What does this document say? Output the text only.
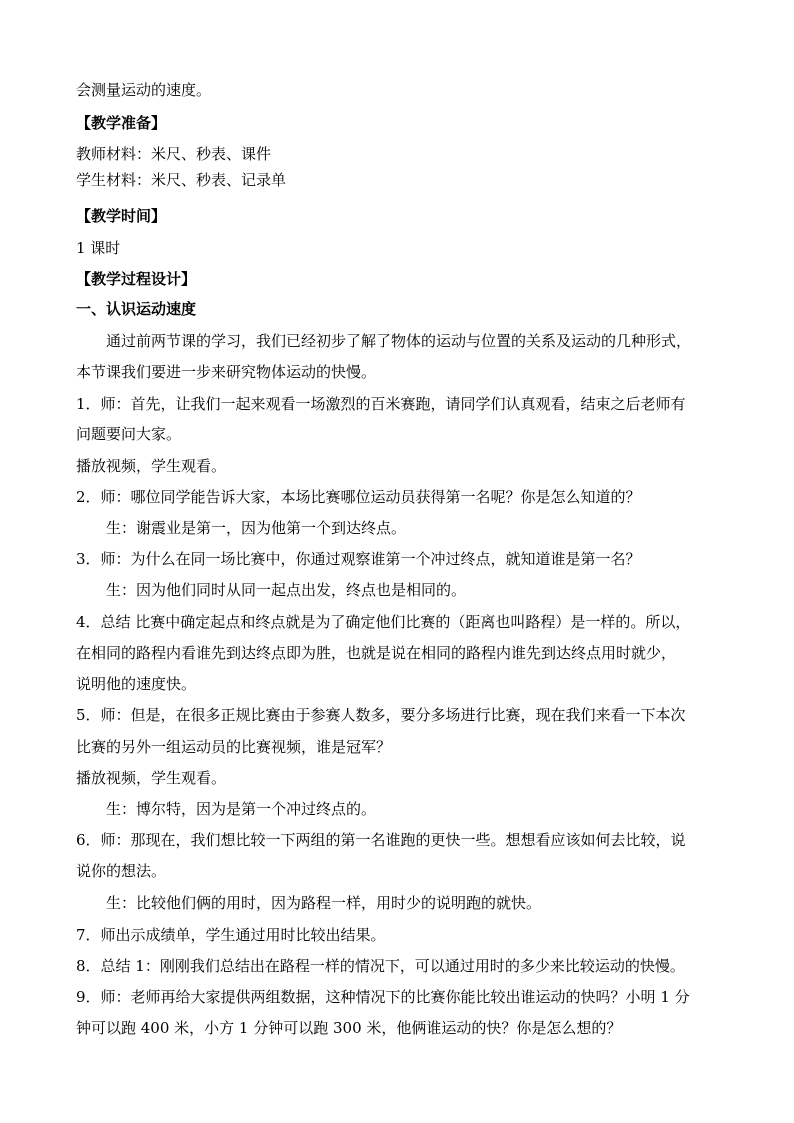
会测量运动的速度。
【教学准备】
教师材料：米尺、秒表、课件
学生材料：米尺、秒表、记录单
【教学时间】
1 课时
【教学过程设计】
一、认识运动速度
通过前两节课的学习，我们已经初步了解了物体的运动与位置的关系及运动的几种形式，
本节课我们要进一步来研究物体运动的快慢。
1．师：首先，让我们一起来观看一场激烈的百米赛跑，请同学们认真观看，结束之后老师有
问题要问大家。
播放视频，学生观看。
2．师：哪位同学能告诉大家，本场比赛哪位运动员获得第一名呢？你是怎么知道的？
生：谢震业是第一，因为他第一个到达终点。
3．师：为什么在同一场比赛中，你通过观察谁第一个冲过终点，就知道谁是第一名？
生：因为他们同时从同一起点出发，终点也是相同的。
4．总结 比赛中确定起点和终点就是为了确定他们比赛的（距离也叫路程）是一样的。所以，
在相同的路程内看谁先到达终点即为胜，也就是说在相同的路程内谁先到达终点用时就少，
说明他的速度快。
5．师：但是，在很多正规比赛由于参赛人数多，要分多场进行比赛，现在我们来看一下本次
比赛的另外一组运动员的比赛视频，谁是冠军？
播放视频，学生观看。
生：博尔特，因为是第一个冲过终点的。
6．师：那现在，我们想比较一下两组的第一名谁跑的更快一些。想想看应该如何去比较，说
说你的想法。
生：比较他们俩的用时，因为路程一样，用时少的说明跑的就快。
7．师出示成绩单，学生通过用时比较出结果。
8．总结 1：刚刚我们总结出在路程一样的情况下，可以通过用时的多少来比较运动的快慢。
9．师：老师再给大家提供两组数据，这种情况下的比赛你能比较出谁运动的快吗？小明 1 分
钟可以跑 400 米，小方 1 分钟可以跑 300 米，他俩谁运动的快？你是怎么想的？
